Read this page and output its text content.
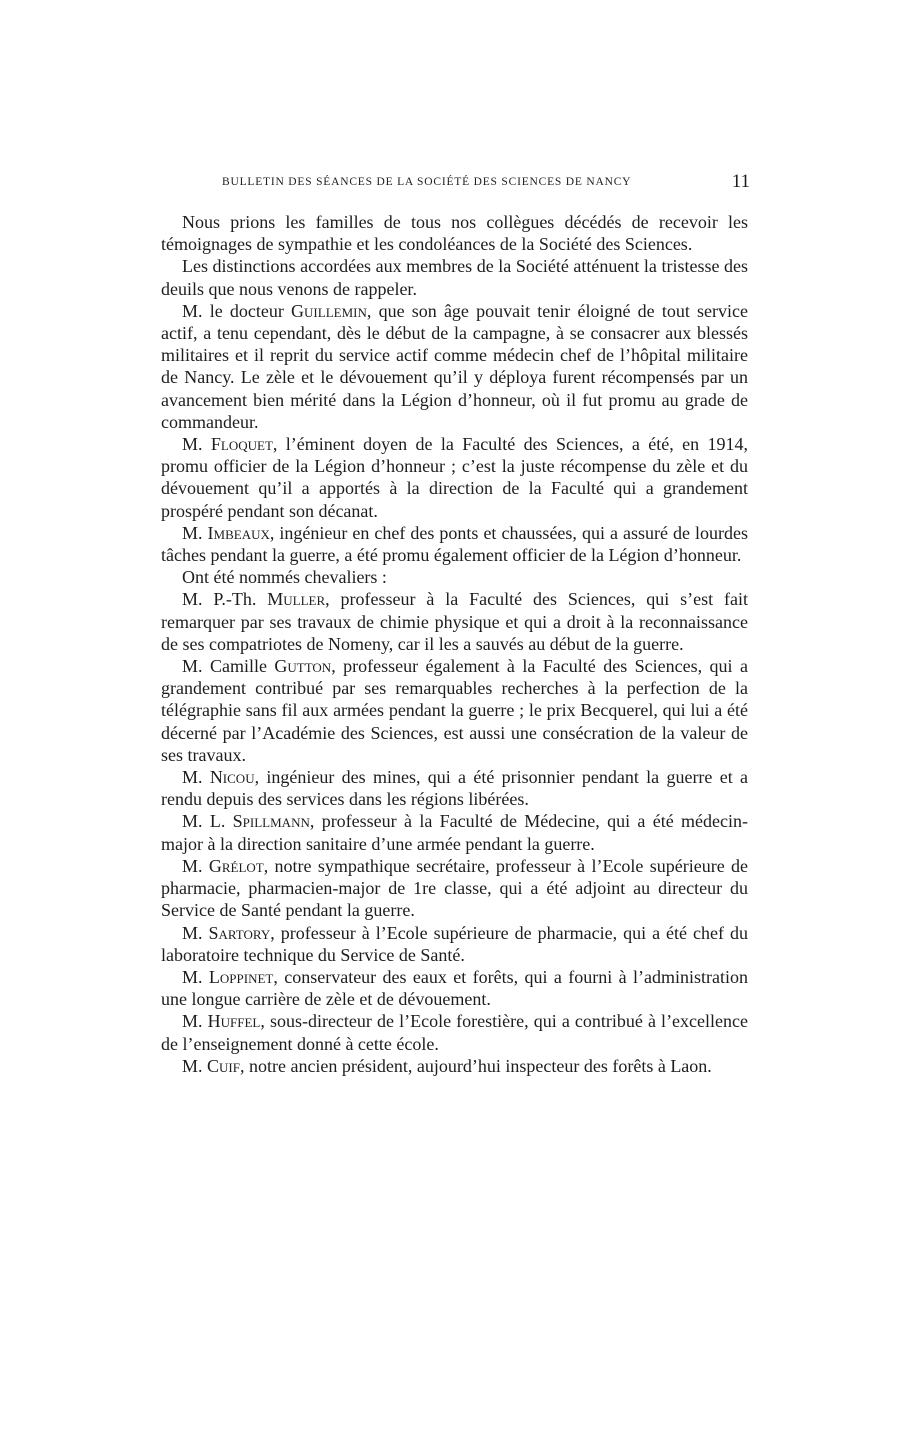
BULLETIN DES SÉANCES DE LA SOCIÉTÉ DES SCIENCES DE NANCY	11

Nous prions les familles de tous nos collègues décédés de recevoir les témoignages de sympathie et les condoléances de la Société des Sciences.

Les distinctions accordées aux membres de la Société atténuent la tristesse des deuils que nous venons de rappeler.

M. le docteur Guillemin, que son âge pouvait tenir éloigné de tout service actif, a tenu cependant, dès le début de la campagne, à se consacrer aux blessés militaires et il reprit du service actif comme médecin chef de l’hôpital militaire de Nancy. Le zèle et le dévouement qu’il y déploya furent récompensés par un avancement bien mérité dans la Légion d’honneur, où il fut promu au grade de commandeur.

M. Floquet, l’éminent doyen de la Faculté des Sciences, a été, en 1914, promu officier de la Légion d’honneur ; c’est la juste récompense du zèle et du dévouement qu’il a apportés à la direction de la Faculté qui a grandement prospéré pendant son décanat.

M. Imbeaux, ingénieur en chef des ponts et chaussées, qui a assuré de lourdes tâches pendant la guerre, a été promu également officier de la Légion d’honneur.

Ont été nommés chevaliers :

M. P.-Th. Muller, professeur à la Faculté des Sciences, qui s’est fait remarquer par ses travaux de chimie physique et qui a droit à la reconnaissance de ses compatriotes de Nomeny, car il les a sauvés au début de la guerre.

M. Camille Gutton, professeur également à la Faculté des Sciences, qui a grandement contribué par ses remarquables recherches à la perfection de la télégraphie sans fil aux armées pendant la guerre ; le prix Becquerel, qui lui a été décerné par l’Académie des Sciences, est aussi une consécration de la valeur de ses travaux.

M. Nicou, ingénieur des mines, qui a été prisonnier pendant la guerre et a rendu depuis des services dans les régions libérées.

M. L. Spillmann, professeur à la Faculté de Médecine, qui a été médecin-major à la direction sanitaire d’une armée pendant la guerre.

M. Grélot, notre sympathique secrétaire, professeur à l’Ecole supérieure de pharmacie, pharmacien-major de 1re classe, qui a été adjoint au directeur du Service de Santé pendant la guerre.

M. Sartory, professeur à l’Ecole supérieure de pharmacie, qui a été chef du laboratoire technique du Service de Santé.

M. Loppinet, conservateur des eaux et forêts, qui a fourni à l’administration une longue carrière de zèle et de dévouement.

M. Huffel, sous-directeur de l’Ecole forestière, qui a contribué à l’excellence de l’enseignement donné à cette école.

M. Cuif, notre ancien président, aujourd’hui inspecteur des forêts à Laon.
